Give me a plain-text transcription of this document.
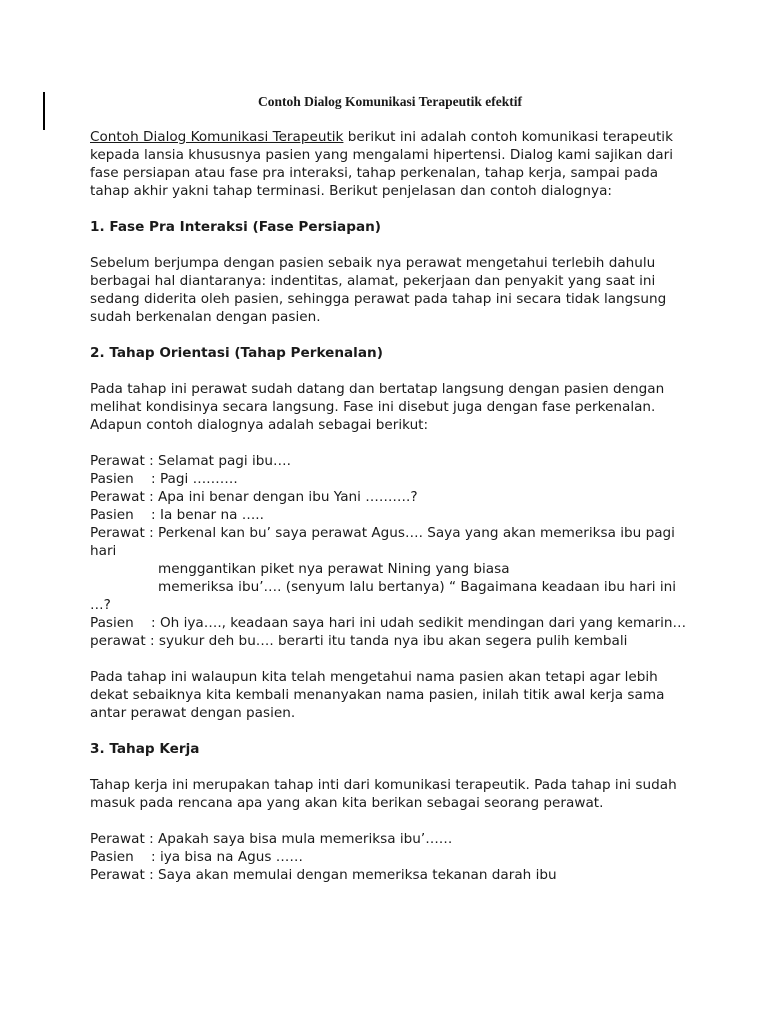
Contoh Dialog Komunikasi Terapeutik efektif

Contoh Dialog Komunikasi Terapeutik berikut ini adalah contoh komunikasi terapeutik kepada lansia khususnya pasien yang mengalami hipertensi. Dialog kami sajikan dari fase persiapan atau fase pra interaksi, tahap perkenalan, tahap kerja, sampai pada tahap akhir yakni tahap terminasi. Berikut penjelasan dan contoh dialognya:

1. Fase Pra Interaksi (Fase Persiapan)

Sebelum berjumpa dengan pasien sebaik nya perawat mengetahui terlebih dahulu berbagai hal diantaranya: indentitas, alamat, pekerjaan dan penyakit yang saat ini sedang diderita oleh pasien, sehingga perawat pada tahap ini secara tidak langsung sudah berkenalan dengan pasien.

2. Tahap Orientasi (Tahap Perkenalan)

Pada tahap ini perawat sudah datang dan bertatap langsung dengan pasien dengan melihat kondisinya secara langsung. Fase ini disebut juga dengan fase perkenalan. Adapun contoh dialognya adalah sebagai berikut:

Perawat : Selamat pagi ibu….

Pasien    : Pagi ……….

Perawat : Apa ini benar dengan ibu Yani ……….?

Pasien    : Ia benar na …..

Perawat : Perkenal kan bu’ saya perawat Agus…. Saya yang akan memeriksa ibu pagi

hari

menggantikan piket nya perawat Nining yang biasa

memeriksa ibu’…. (senyum lalu bertanya) “ Bagaimana keadaan ibu hari ini

…?

Pasien    : Oh iya…., keadaan saya hari ini udah sedikit mendingan dari yang kemarin…

perawat : syukur deh bu…. berarti itu tanda nya ibu akan segera pulih kembali

Pada tahap ini walaupun kita telah mengetahui nama pasien akan tetapi agar lebih dekat sebaiknya kita kembali menanyakan nama pasien, inilah titik awal kerja sama antar perawat dengan pasien.

3. Tahap Kerja

Tahap kerja ini merupakan tahap inti dari komunikasi terapeutik. Pada tahap ini sudah masuk pada rencana apa yang akan kita berikan sebagai seorang perawat.

Perawat : Apakah saya bisa mula memeriksa ibu’……

Pasien    : iya bisa na Agus ……

Perawat : Saya akan memulai dengan memeriksa tekanan darah ibu
